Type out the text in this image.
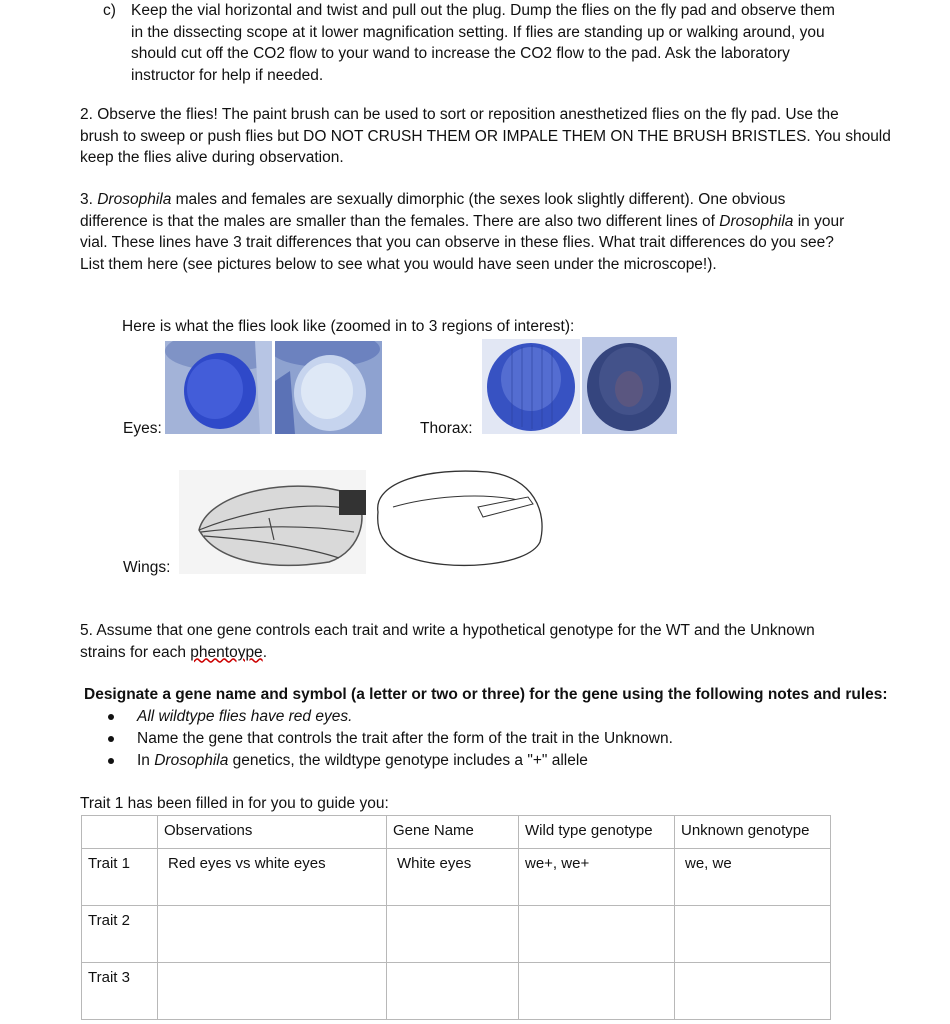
c) Keep the vial horizontal and twist and pull out the plug. Dump the flies on the fly pad and observe them
in the dissecting scope at it lower magnification setting. If flies are standing up or walking around, you
should cut off the CO2 flow to your wand to increase the CO2 flow to the pad. Ask the laboratory
instructor for help if needed.
2. Observe the flies! The paint brush can be used to sort or reposition anesthetized flies on the fly pad. Use the
brush to sweep or push flies but DO NOT CRUSH THEM OR IMPALE THEM ON THE BRUSH BRISTLES. You should
keep the flies alive during observation.
3. Drosophila males and females are sexually dimorphic (the sexes look slightly different). One obvious
difference is that the males are smaller than the females. There are also two different lines of Drosophila in your
vial. These lines have 3 trait differences that you can observe in these flies. What trait differences do you see?
List them here (see pictures below to see what you would have seen under the microscope!).
Here is what the flies look like (zoomed in to 3 regions of interest):
Eyes:	Thorax:
Wings:
5. Assume that one gene controls each trait and write a hypothetical genotype for the WT and the Unknown
strains for each phentoype.
Designate a gene name and symbol (a letter or two or three) for the gene using the following notes and rules:
All wildtype flies have red eyes.
Name the gene that controls the trait after the form of the trait in the Unknown.
In Drosophila genetics, the wildtype genotype includes a "+" allele
Trait 1 has been filled in for you to guide you:
	Observations	Gene Name	Wild type genotype	Unknown genotype
Trait 1	Red eyes vs white eyes	White eyes	we+, we+	we, we
Trait 2				
Trait 3				
